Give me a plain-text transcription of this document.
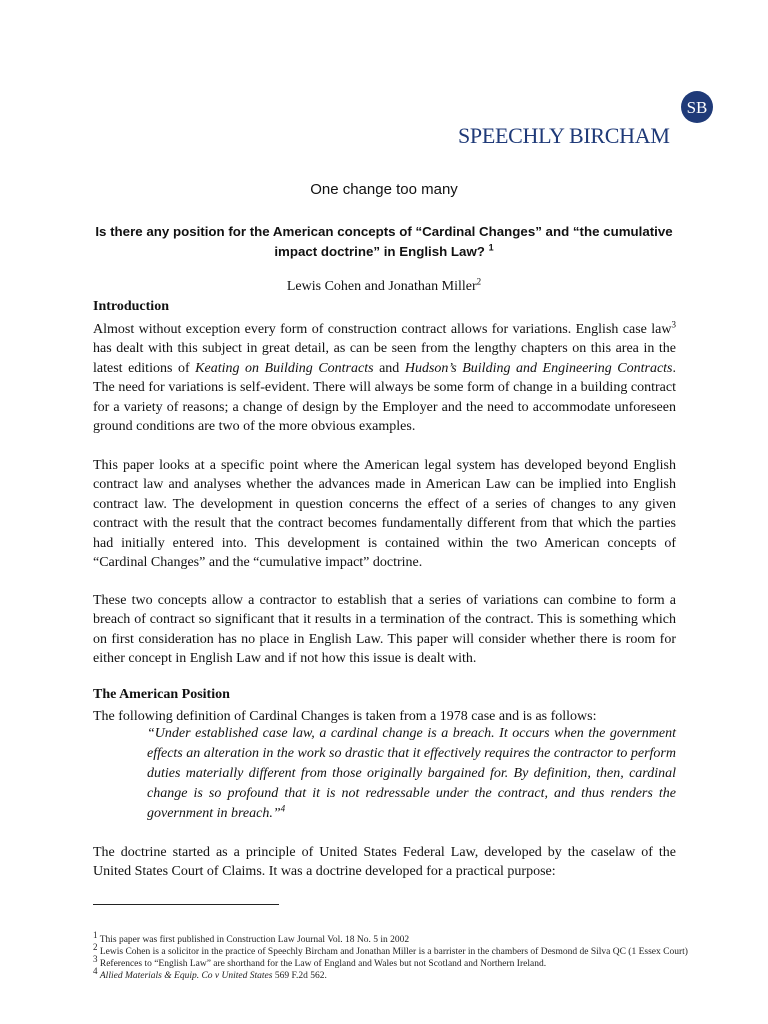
SPEECHLY BIRCHAM
SB
One change too many
Is there any position for the American concepts of “Cardinal Changes” and “the cumulative impact doctrine” in English Law? $^1$
Lewis Cohen and Jonathan Miller$^2$
Introduction
Almost without exception every form of construction contract allows for variations. English case law$^3$ has dealt with this subject in great detail, as can be seen from the lengthy chapters on this area in the latest editions of Keating on Building Contracts and Hudson’s Building and Engineering Contracts. The need for variations is self-evident. There will always be some form of change in a building contract for a variety of reasons; a change of design by the Employer and the need to accommodate unforeseen ground conditions are two of the more obvious examples.
This paper looks at a specific point where the American legal system has developed beyond English contract law and analyses whether the advances made in American Law can be implied into English contract law. The development in question concerns the effect of a series of changes to any given contract with the result that the contract becomes fundamentally different from that which the parties had initially entered into. This development is contained within the two American concepts of “Cardinal Changes” and the “cumulative impact” doctrine.
These two concepts allow a contractor to establish that a series of variations can combine to form a breach of contract so significant that it results in a termination of the contract. This is something which on first consideration has no place in English Law. This paper will consider whether there is room for either concept in English Law and if not how this issue is dealt with.
The American Position
The following definition of Cardinal Changes is taken from a 1978 case and is as follows:
“Under established case law, a cardinal change is a breach. It occurs when the government effects an alteration in the work so drastic that it effectively requires the contractor to perform duties materially different from those originally bargained for. By definition, then, cardinal change is so profound that it is not redressable under the contract, and thus renders the government in breach.”$^4$
The doctrine started as a principle of United States Federal Law, developed by the caselaw of the United States Court of Claims. It was a doctrine developed for a practical purpose:
$^1$ This paper was first published in Construction Law Journal Vol. 18 No. 5 in 2002
$^2$ Lewis Cohen is a solicitor in the practice of Speechly Bircham and Jonathan Miller is a barrister in the chambers of Desmond de Silva QC (1 Essex Court)
$^3$ References to “English Law” are shorthand for the Law of England and Wales but not Scotland and Northern Ireland.
$^4$ Allied Materials & Equip. Co v United States 569 F.2d 562.
